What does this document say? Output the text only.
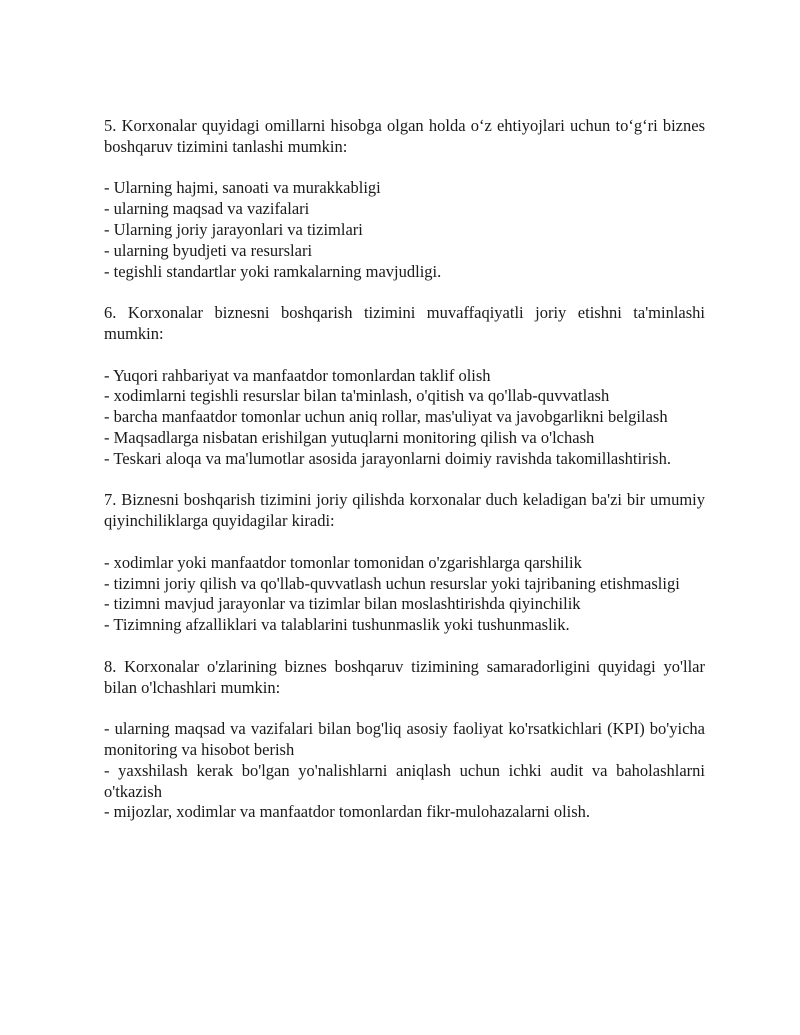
5. Korxonalar quyidagi omillarni hisobga olgan holda oʻz ehtiyojlari uchun toʻgʻri biznes boshqaruv tizimini tanlashi mumkin:

- Ularning hajmi, sanoati va murakkabligi

- ularning maqsad va vazifalari

- Ularning joriy jarayonlari va tizimlari

- ularning byudjeti va resurslari

- tegishli standartlar yoki ramkalarning mavjudligi.

6. Korxonalar biznesni boshqarish tizimini muvaffaqiyatli joriy etishni ta'minlashi mumkin:

- Yuqori rahbariyat va manfaatdor tomonlardan taklif olish

- xodimlarni tegishli resurslar bilan ta'minlash, o'qitish va qo'llab-quvvatlash

- barcha manfaatdor tomonlar uchun aniq rollar, mas'uliyat va javobgarlikni belgilash

- Maqsadlarga nisbatan erishilgan yutuqlarni monitoring qilish va o'lchash

- Teskari aloqa va ma'lumotlar asosida jarayonlarni doimiy ravishda takomillashtirish.

7. Biznesni boshqarish tizimini joriy qilishda korxonalar duch keladigan ba'zi bir umumiy qiyinchiliklarga quyidagilar kiradi:

- xodimlar yoki manfaatdor tomonlar tomonidan o'zgarishlarga qarshilik

- tizimni joriy qilish va qo'llab-quvvatlash uchun resurslar yoki tajribaning etishmasligi

- tizimni mavjud jarayonlar va tizimlar bilan moslashtirishda qiyinchilik

- Tizimning afzalliklari va talablarini tushunmaslik yoki tushunmaslik.

8. Korxonalar o'zlarining biznes boshqaruv tizimining samaradorligini quyidagi yo'llar bilan o'lchashlari mumkin:

- ularning maqsad va vazifalari bilan bog'liq asosiy faoliyat ko'rsatkichlari (KPI) bo'yicha monitoring va hisobot berish

- yaxshilash kerak bo'lgan yo'nalishlarni aniqlash uchun ichki audit va baholashlarni o'tkazish

- mijozlar, xodimlar va manfaatdor tomonlardan fikr-mulohazalarni olish.
